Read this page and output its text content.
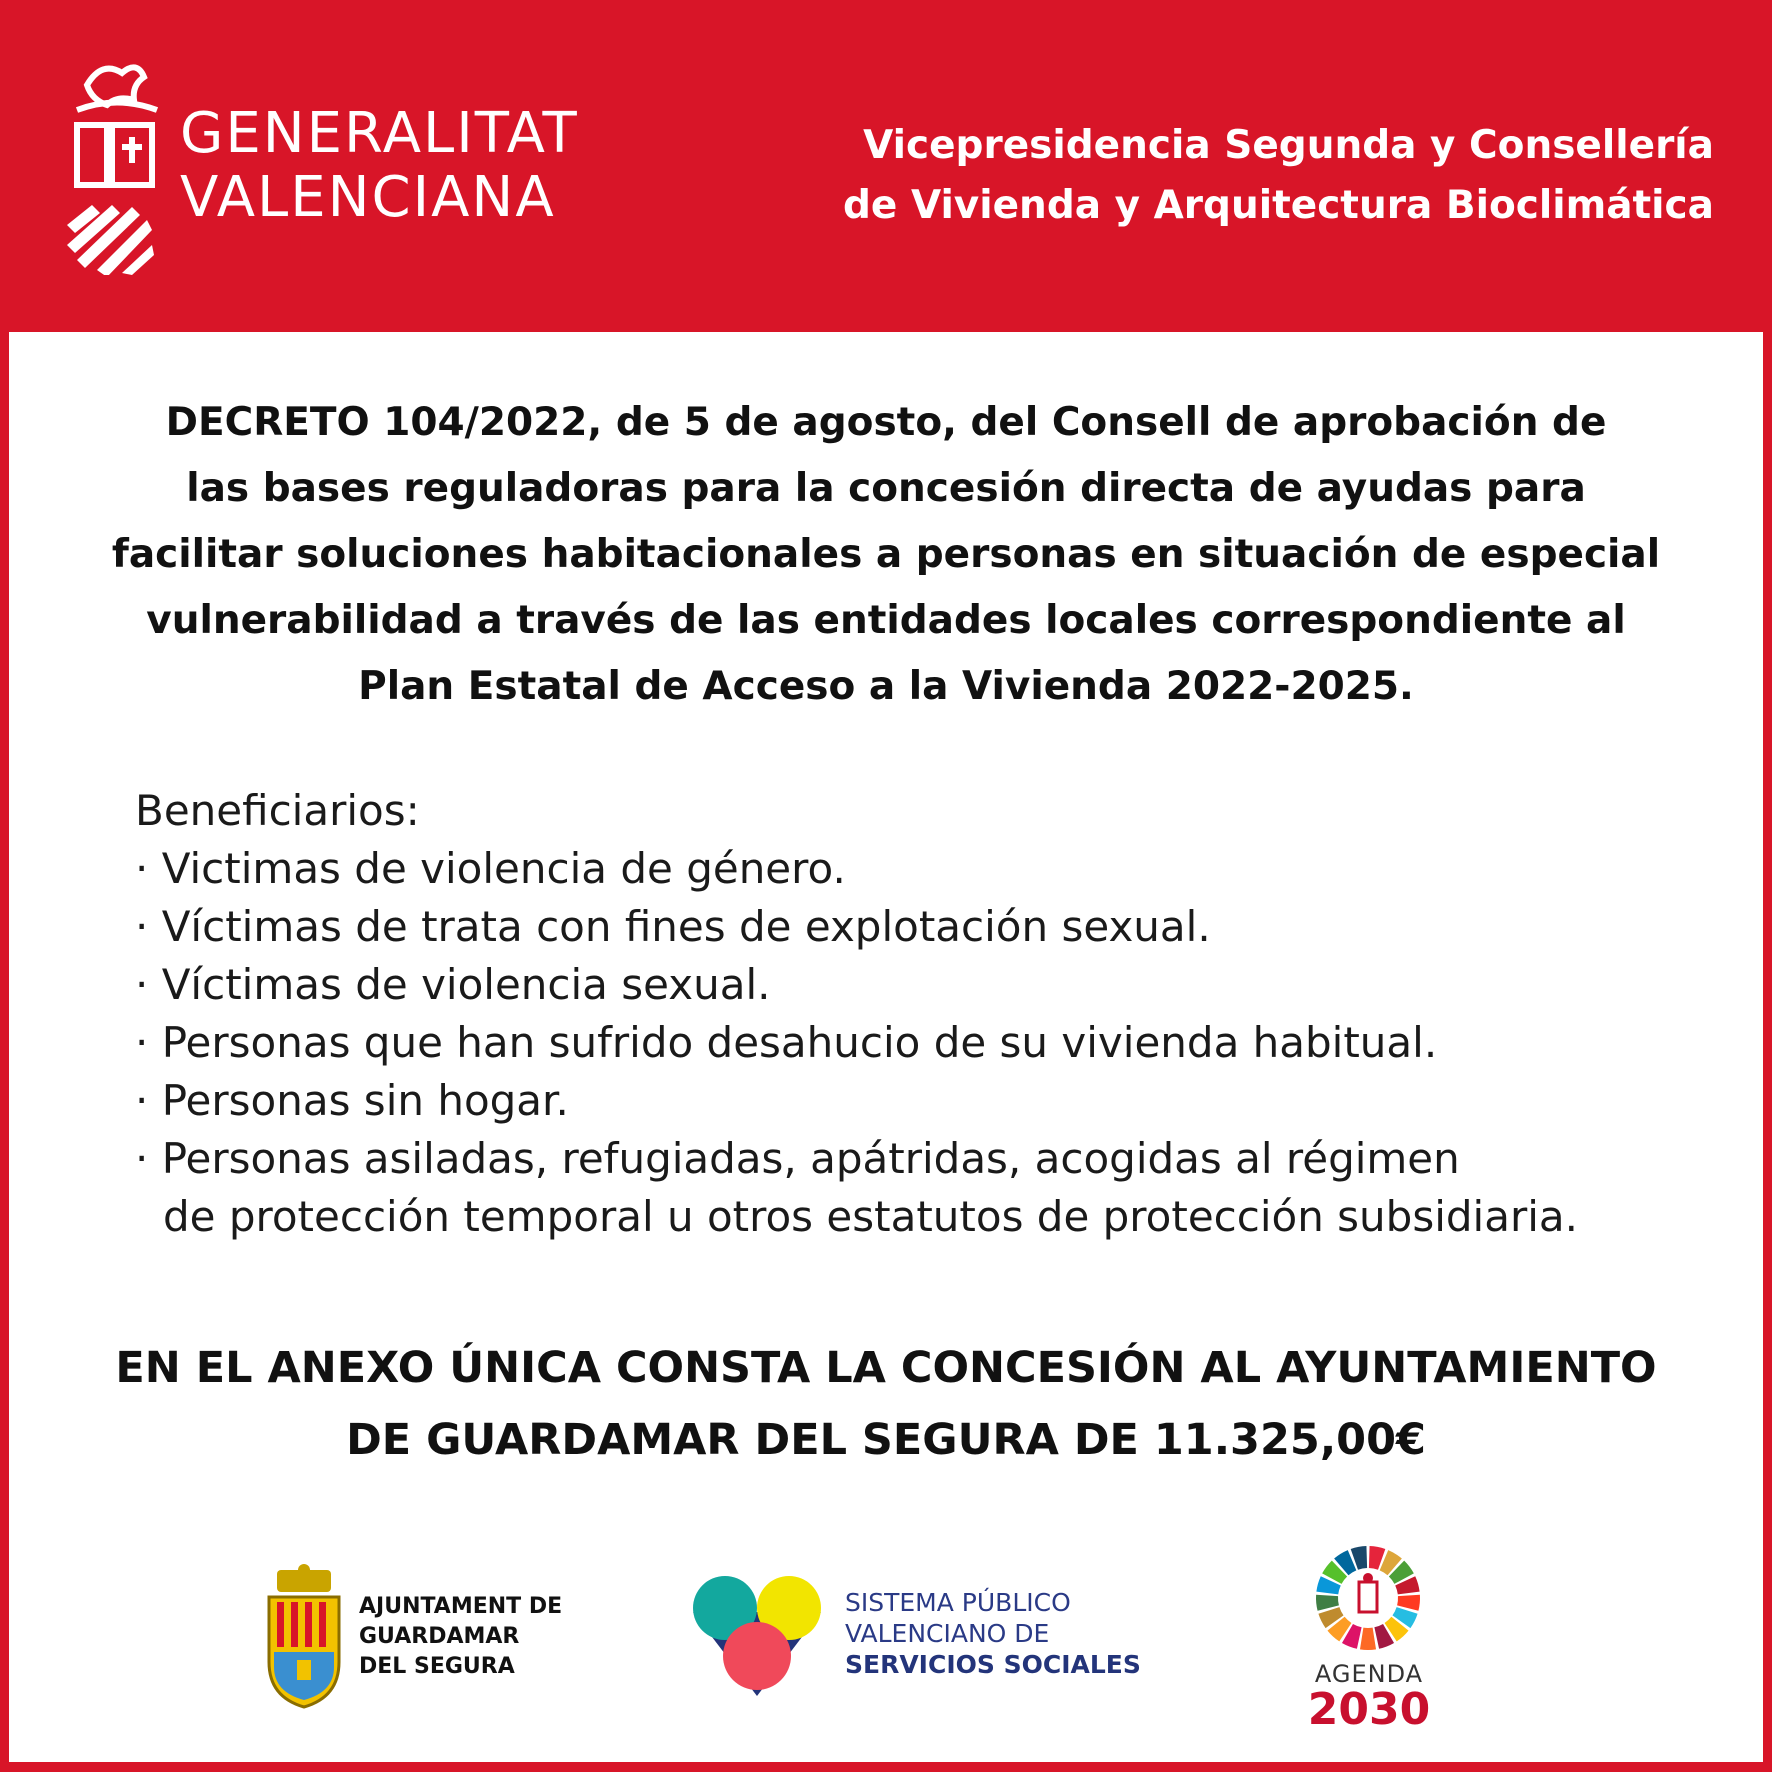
GENERALITAT
VALENCIANA
Vicepresidencia Segunda y Consellería
de Vivienda y Arquitectura Bioclimática
DECRETO 104/2022, de 5 de agosto, del Consell de aprobación de
las bases reguladoras para la concesión directa de ayudas para
facilitar soluciones habitacionales a personas en situación de especial
vulnerabilidad a través de las entidades locales correspondiente al
Plan Estatal de Acceso a la Vivienda 2022-2025.
Beneficiarios:
· Victimas de violencia de género.
· Víctimas de trata con fines de explotación sexual.
· Víctimas de violencia sexual.
· Personas que han sufrido desahucio de su vivienda habitual.
· Personas sin hogar.
· Personas asiladas, refugiadas, apátridas, acogidas al régimen
de protección temporal u otros estatutos de protección subsidiaria.
EN EL ANEXO ÚNICA CONSTA LA CONCESIÓN AL AYUNTAMIENTO
DE GUARDAMAR DEL SEGURA DE 11.325,00€
AJUNTAMENT DE
GUARDAMAR
DEL SEGURA
SISTEMA PÚBLICO
VALENCIANO DE
SERVICIOS SOCIALES	AGENDA
2030
